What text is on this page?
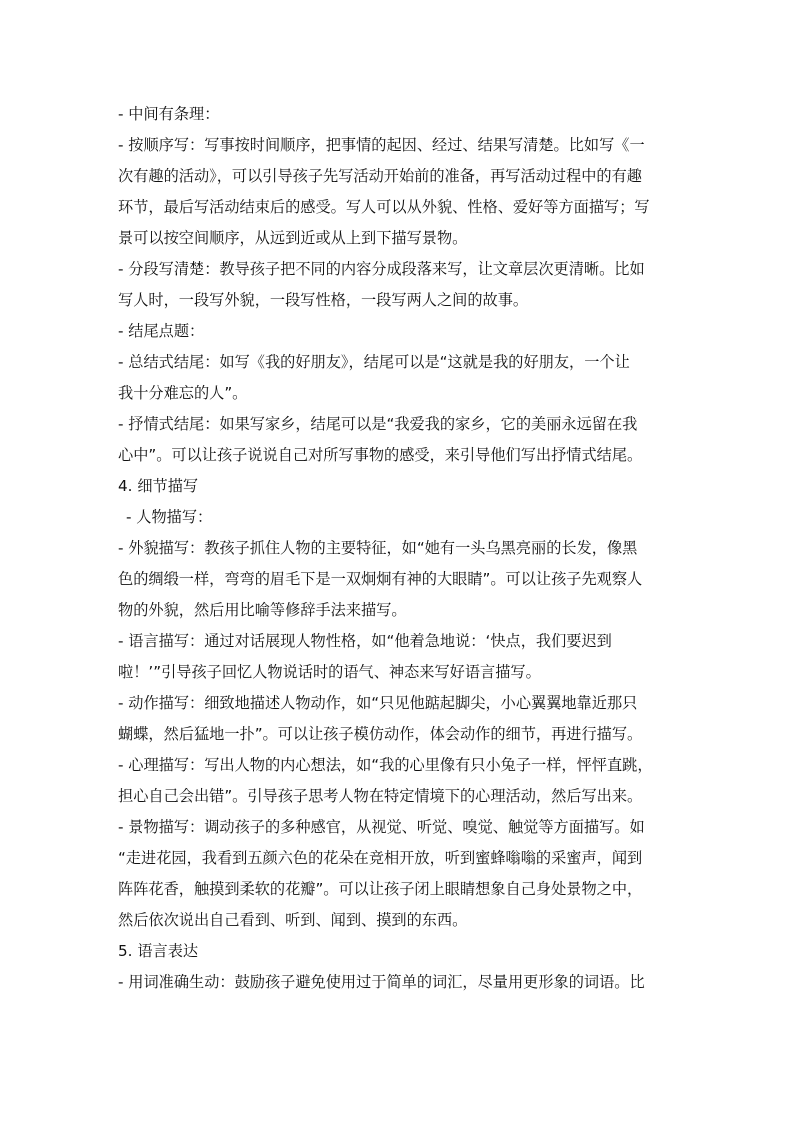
- 中间有条理：
- 按顺序写：写事按时间顺序，把事情的起因、经过、结果写清楚。比如写《一
次有趣的活动》，可以引导孩子先写活动开始前的准备，再写活动过程中的有趣
环节，最后写活动结束后的感受。写人可以从外貌、性格、爱好等方面描写；写
景可以按空间顺序，从远到近或从上到下描写景物。
- 分段写清楚：教导孩子把不同的内容分成段落来写，让文章层次更清晰。比如
写人时，一段写外貌，一段写性格，一段写两人之间的故事。
- 结尾点题：
- 总结式结尾：如写《我的好朋友》，结尾可以是“这就是我的好朋友，一个让
我十分难忘的人”。
- 抒情式结尾：如果写家乡，结尾可以是“我爱我的家乡，它的美丽永远留在我
心中”。可以让孩子说说自己对所写事物的感受，来引导他们写出抒情式结尾。
4. 细节描写
- 人物描写：
- 外貌描写：教孩子抓住人物的主要特征，如“她有一头乌黑亮丽的长发，像黑
色的绸缎一样，弯弯的眉毛下是一双炯炯有神的大眼睛”。可以让孩子先观察人
物的外貌，然后用比喻等修辞手法来描写。
- 语言描写：通过对话展现人物性格，如“他着急地说：‘快点，我们要迟到
啦！’”引导孩子回忆人物说话时的语气、神态来写好语言描写。
- 动作描写：细致地描述人物动作，如“只见他踮起脚尖，小心翼翼地靠近那只
蝴蝶，然后猛地一扑”。可以让孩子模仿动作，体会动作的细节，再进行描写。
- 心理描写：写出人物的内心想法，如“我的心里像有只小兔子一样，怦怦直跳，
担心自己会出错”。引导孩子思考人物在特定情境下的心理活动，然后写出来。
- 景物描写：调动孩子的多种感官，从视觉、听觉、嗅觉、触觉等方面描写。如
“走进花园，我看到五颜六色的花朵在竞相开放，听到蜜蜂嗡嗡的采蜜声，闻到
阵阵花香，触摸到柔软的花瓣”。可以让孩子闭上眼睛想象自己身处景物之中，
然后依次说出自己看到、听到、闻到、摸到的东西。
5. 语言表达
- 用词准确生动：鼓励孩子避免使用过于简单的词汇，尽量用更形象的词语。比
